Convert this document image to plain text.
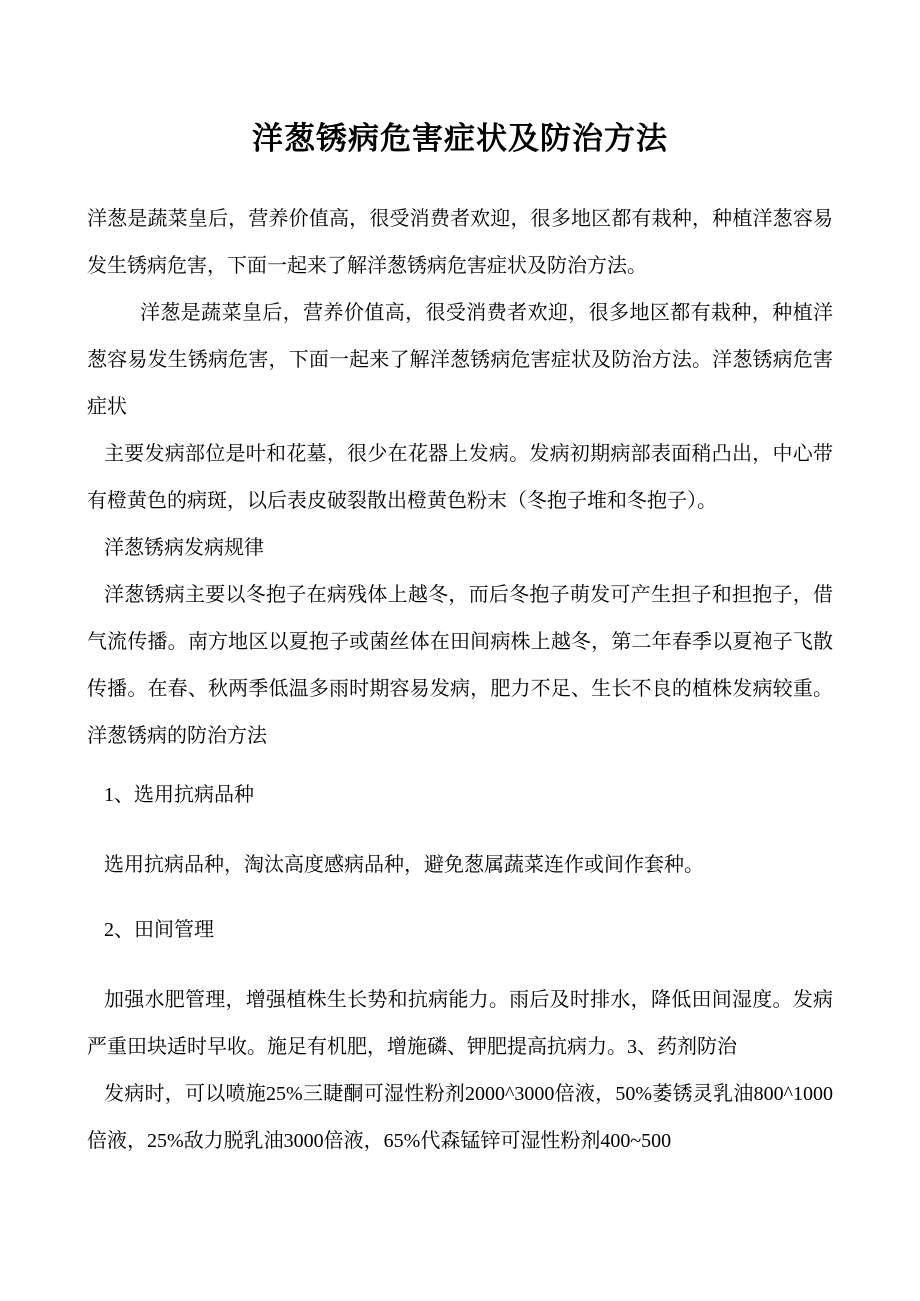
洋葱锈病危害症状及防治方法

洋葱是蔬菜皇后，营养价值高，很受消费者欢迎，很多地区都有栽种，种植洋葱容易发生锈病危害，下面一起来了解洋葱锈病危害症状及防治方法。

洋葱是蔬菜皇后，营养价值高，很受消费者欢迎，很多地区都有栽种，种植洋葱容易发生锈病危害，下面一起来了解洋葱锈病危害症状及防治方法。洋葱锈病危害症状

主要发病部位是叶和花墓，很少在花器上发病。发病初期病部表面稍凸出，中心带有橙黄色的病斑，以后表皮破裂散出橙黄色粉末（冬抱子堆和冬抱子）。

洋葱锈病发病规律

洋葱锈病主要以冬抱子在病残体上越冬，而后冬抱子萌发可产生担子和担抱子，借气流传播。南方地区以夏抱子或菌丝体在田间病株上越冬，第二年春季以夏袍子飞散传播。在春、秋两季低温多雨时期容易发病，肥力不足、生长不良的植株发病较重。洋葱锈病的防治方法

1、选用抗病品种

选用抗病品种，淘汰高度感病品种，避免葱属蔬菜连作或间作套种。

2、田间管理

加强水肥管理，增强植株生长势和抗病能力。雨后及时排水，降低田间湿度。发病严重田块适时早收。施足有机肥，增施磷、钾肥提高抗病力。3、药剂防治

发病时，可以喷施25%三睫酮可湿性粉剂2000^3000倍液，50%萎锈灵乳油800^1000倍液，25%敌力脱乳油3000倍液，65%代森锰锌可湿性粉剂400~500
